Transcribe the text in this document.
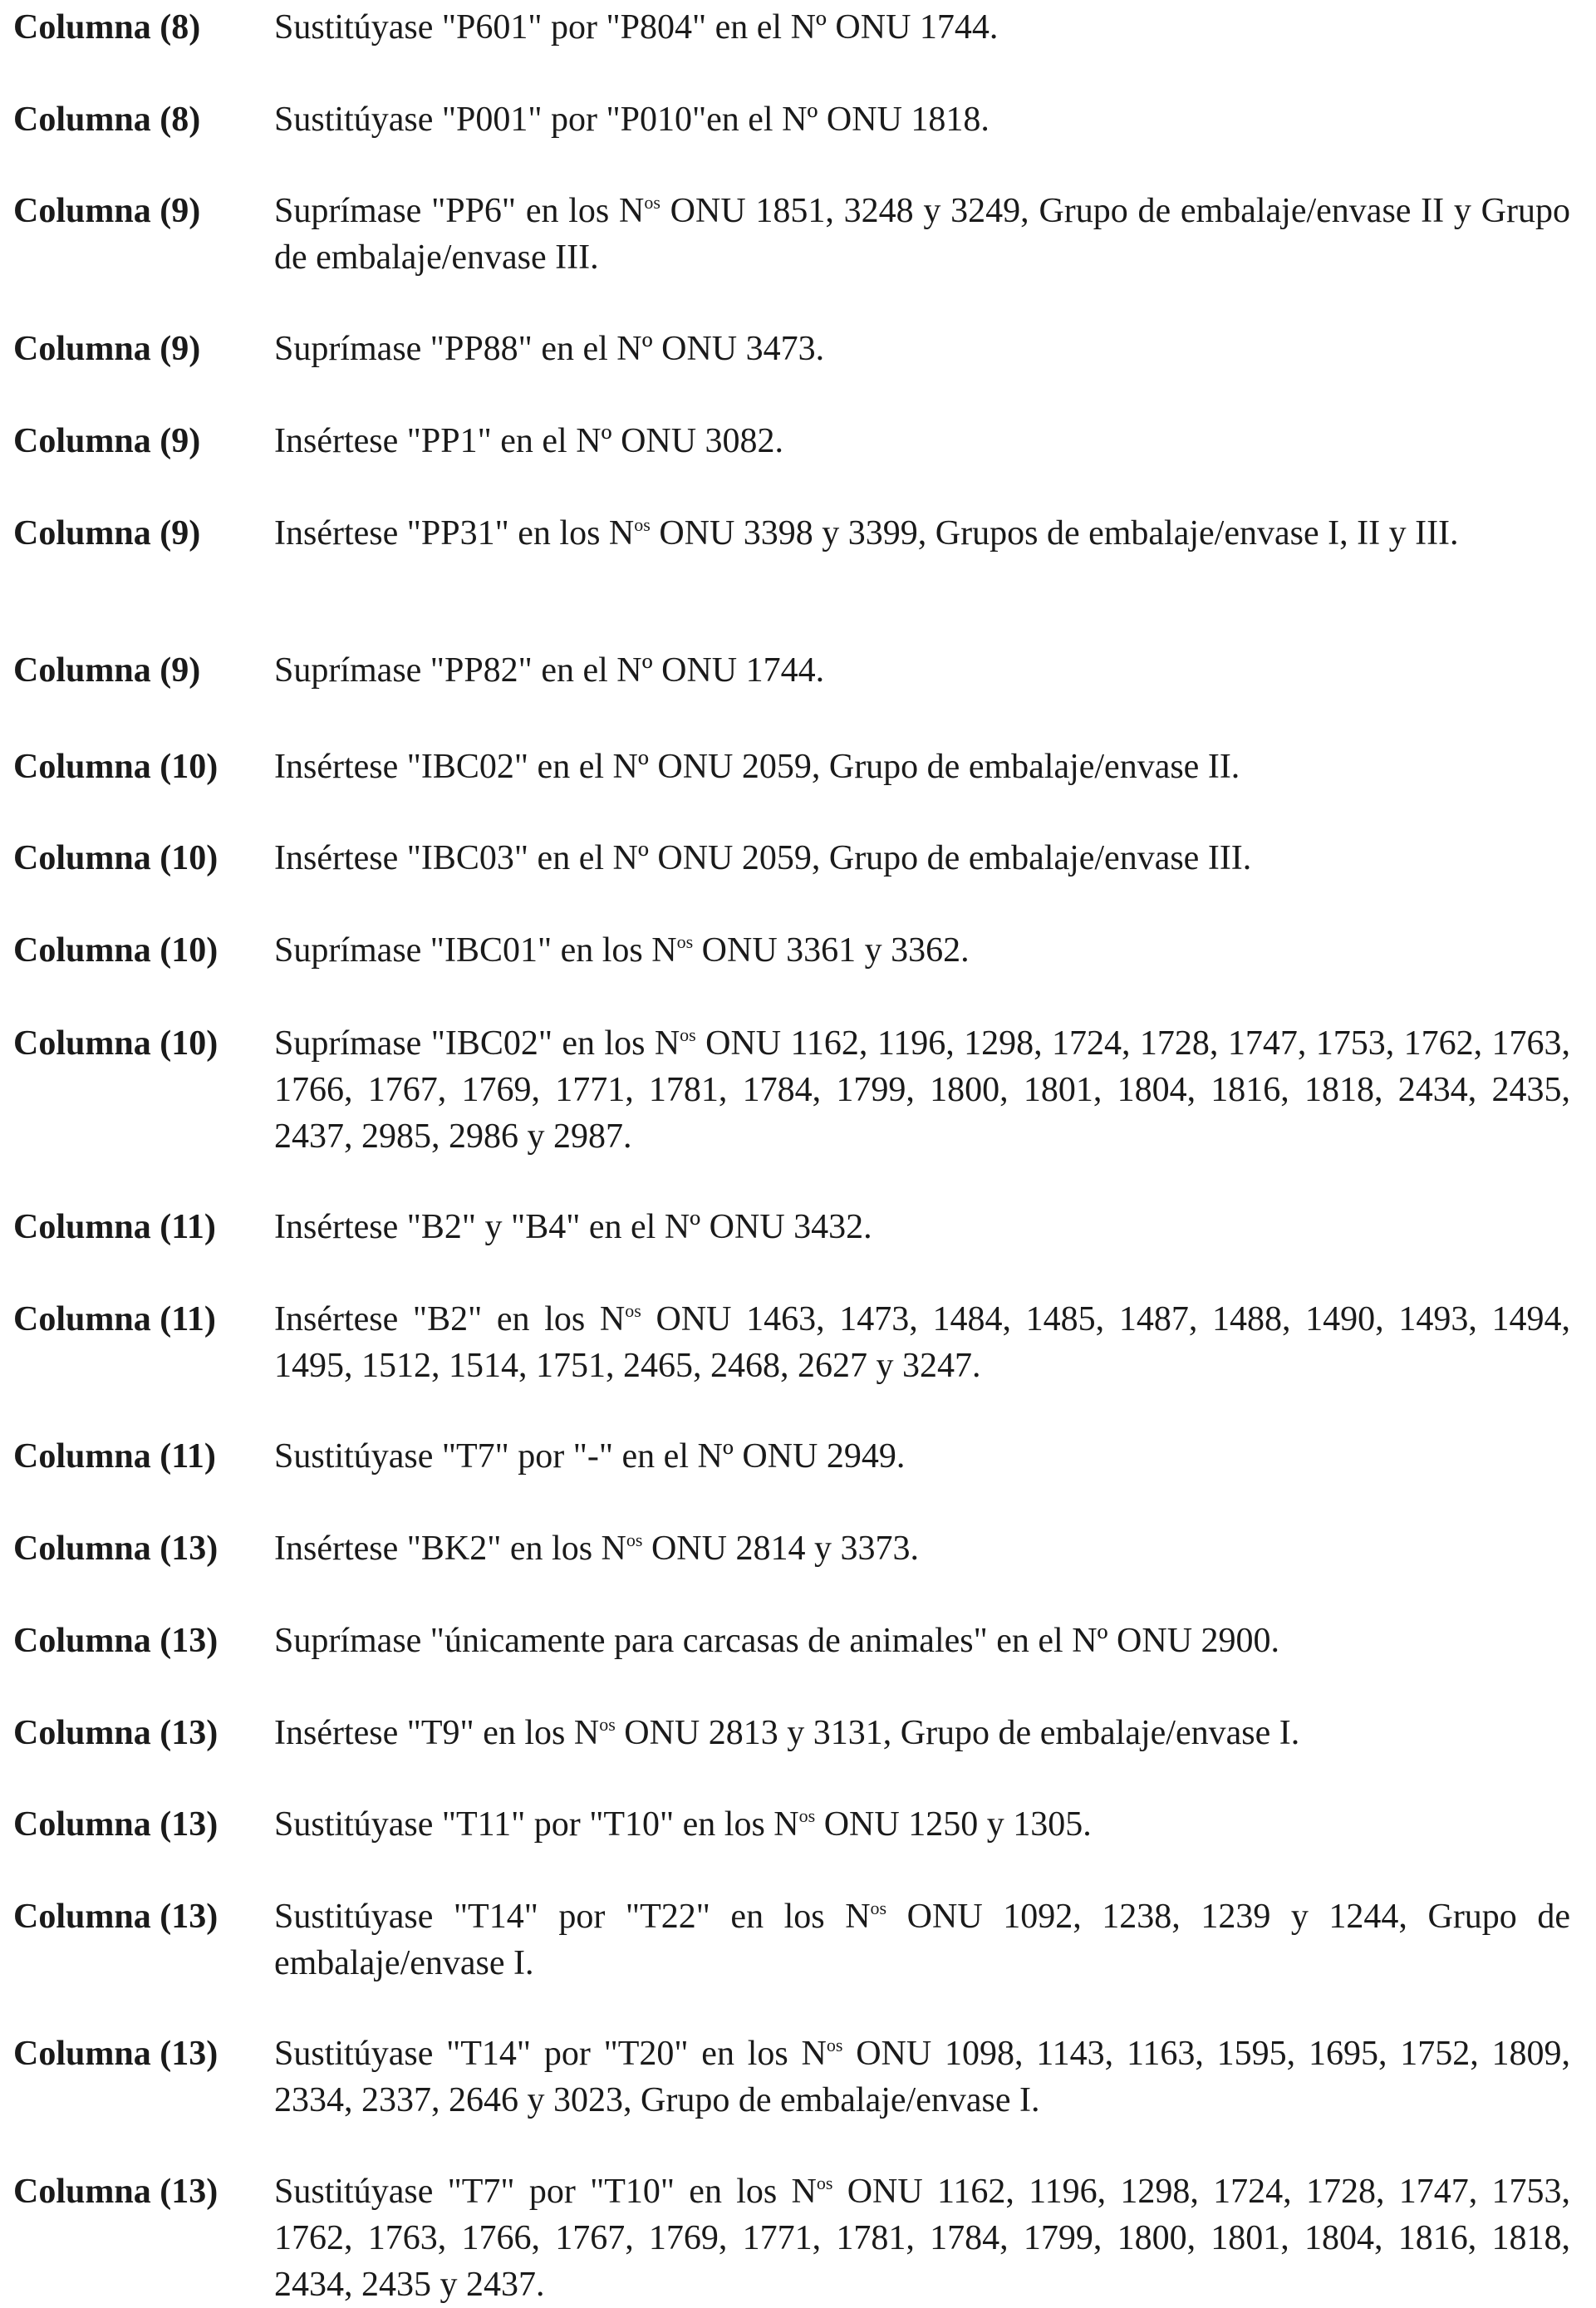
Columna (8)	Sustitúyase "P601" por "P804" en el Nº ONU 1744.
Columna (8)	Sustitúyase "P001" por "P010"en el Nº ONU 1818.
Columna (9)	Suprímase "PP6" en los $N^{os}$ ONU 1851, 3248 y 3249, Grupo de embalaje/envase II y Grupo de embalaje/envase III.
Columna (9)	Suprímase "PP88" en el Nº ONU 3473.
Columna (9)	Insértese "PP1" en el Nº ONU 3082.
Columna (9)	Insértese "PP31" en los $N^{os}$ ONU 3398 y 3399, Grupos de embalaje/envase I, II y III.
Columna (9)	Suprímase "PP82" en el Nº ONU 1744.
Columna (10)	Insértese "IBC02" en el Nº ONU 2059, Grupo de embalaje/envase II.
Columna (10)	Insértese "IBC03" en el Nº ONU 2059, Grupo de embalaje/envase III.
Columna (10)	Suprímase "IBC01" en los $N^{os}$ ONU 3361 y 3362.
Columna (10)	Suprímase "IBC02" en los $N^{os}$ ONU 1162, 1196, 1298, 1724, 1728, 1747, 1753, 1762, 1763, 1766, 1767, 1769, 1771, 1781, 1784, 1799, 1800, 1801, 1804, 1816, 1818, 2434, 2435, 2437, 2985, 2986 y 2987.
Columna (11)	Insértese "B2" y "B4" en el Nº ONU 3432.
Columna (11)	Insértese "B2" en los $N^{os}$ ONU 1463, 1473, 1484, 1485, 1487, 1488, 1490, 1493, 1494, 1495, 1512, 1514, 1751, 2465, 2468, 2627 y 3247.
Columna (11)	Sustitúyase "T7" por "-" en el Nº ONU 2949.
Columna (13)	Insértese "BK2" en los $N^{os}$ ONU 2814 y 3373.
Columna (13)	Suprímase "únicamente para carcasas de animales" en el Nº ONU 2900.
Columna (13)	Insértese "T9" en los $N^{os}$ ONU 2813 y 3131, Grupo de embalaje/envase I.
Columna (13)	Sustitúyase "T11" por "T10" en los $N^{os}$ ONU 1250 y 1305.
Columna (13)	Sustitúyase "T14" por "T22" en los $N^{os}$ ONU 1092, 1238, 1239 y 1244, Grupo de embalaje/envase I.
Columna (13)	Sustitúyase "T14" por "T20" en los $N^{os}$ ONU 1098, 1143, 1163, 1595, 1695, 1752, 1809, 2334, 2337, 2646 y 3023, Grupo de embalaje/envase I.
Columna (13)	Sustitúyase "T7" por "T10" en los $N^{os}$ ONU 1162, 1196, 1298, 1724, 1728, 1747, 1753, 1762, 1763, 1766, 1767, 1769, 1771, 1781, 1784, 1799, 1800, 1801, 1804, 1816, 1818, 2434, 2435 y 2437.
